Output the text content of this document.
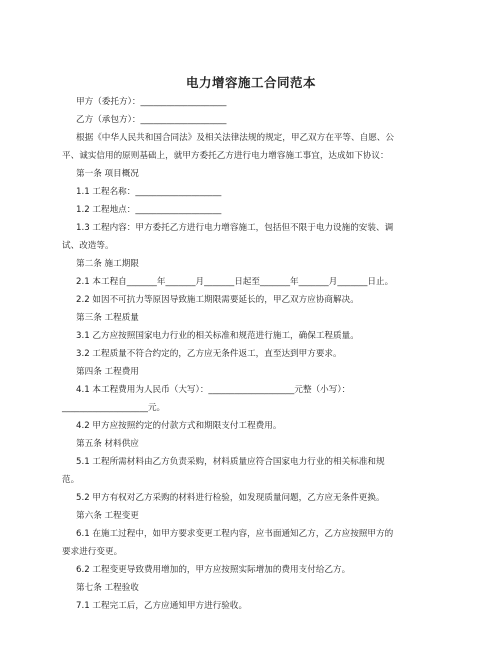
电力增容施工合同范本
甲方（委托方）：____________________
乙方（承包方）：____________________
根据《中华人民共和国合同法》及相关法律法规的规定，甲乙双方在平等、自愿、公
平、诚实信用的原则基础上，就甲方委托乙方进行电力增容施工事宜，达成如下协议：
第一条 项目概况
1.1 工程名称：____________________
1.2 工程地点：____________________
1.3 工程内容：甲方委托乙方进行电力增容施工，包括但不限于电力设施的安装、调
试、改造等。
第二条 施工期限
2.1 本工程自_______年_______月_______日起至_______年_______月_______日止。
2.2 如因不可抗力等原因导致施工期限需要延长的，甲乙双方应协商解决。
第三条 工程质量
3.1 乙方应按照国家电力行业的相关标准和规范进行施工，确保工程质量。
3.2 工程质量不符合约定的，乙方应无条件返工，直至达到甲方要求。
第四条 工程费用
4.1 本工程费用为人民币（大写）：____________________元整（小写）：
____________________元。
4.2 甲方应按照约定的付款方式和期限支付工程费用。
第五条 材料供应
5.1 工程所需材料由乙方负责采购，材料质量应符合国家电力行业的相关标准和规
范。
5.2 甲方有权对乙方采购的材料进行检验，如发现质量问题，乙方应无条件更换。
第六条 工程变更
6.1 在施工过程中，如甲方要求变更工程内容，应书面通知乙方，乙方应按照甲方的
要求进行变更。
6.2 工程变更导致费用增加的，甲方应按照实际增加的费用支付给乙方。
第七条 工程验收
7.1 工程完工后，乙方应通知甲方进行验收。
